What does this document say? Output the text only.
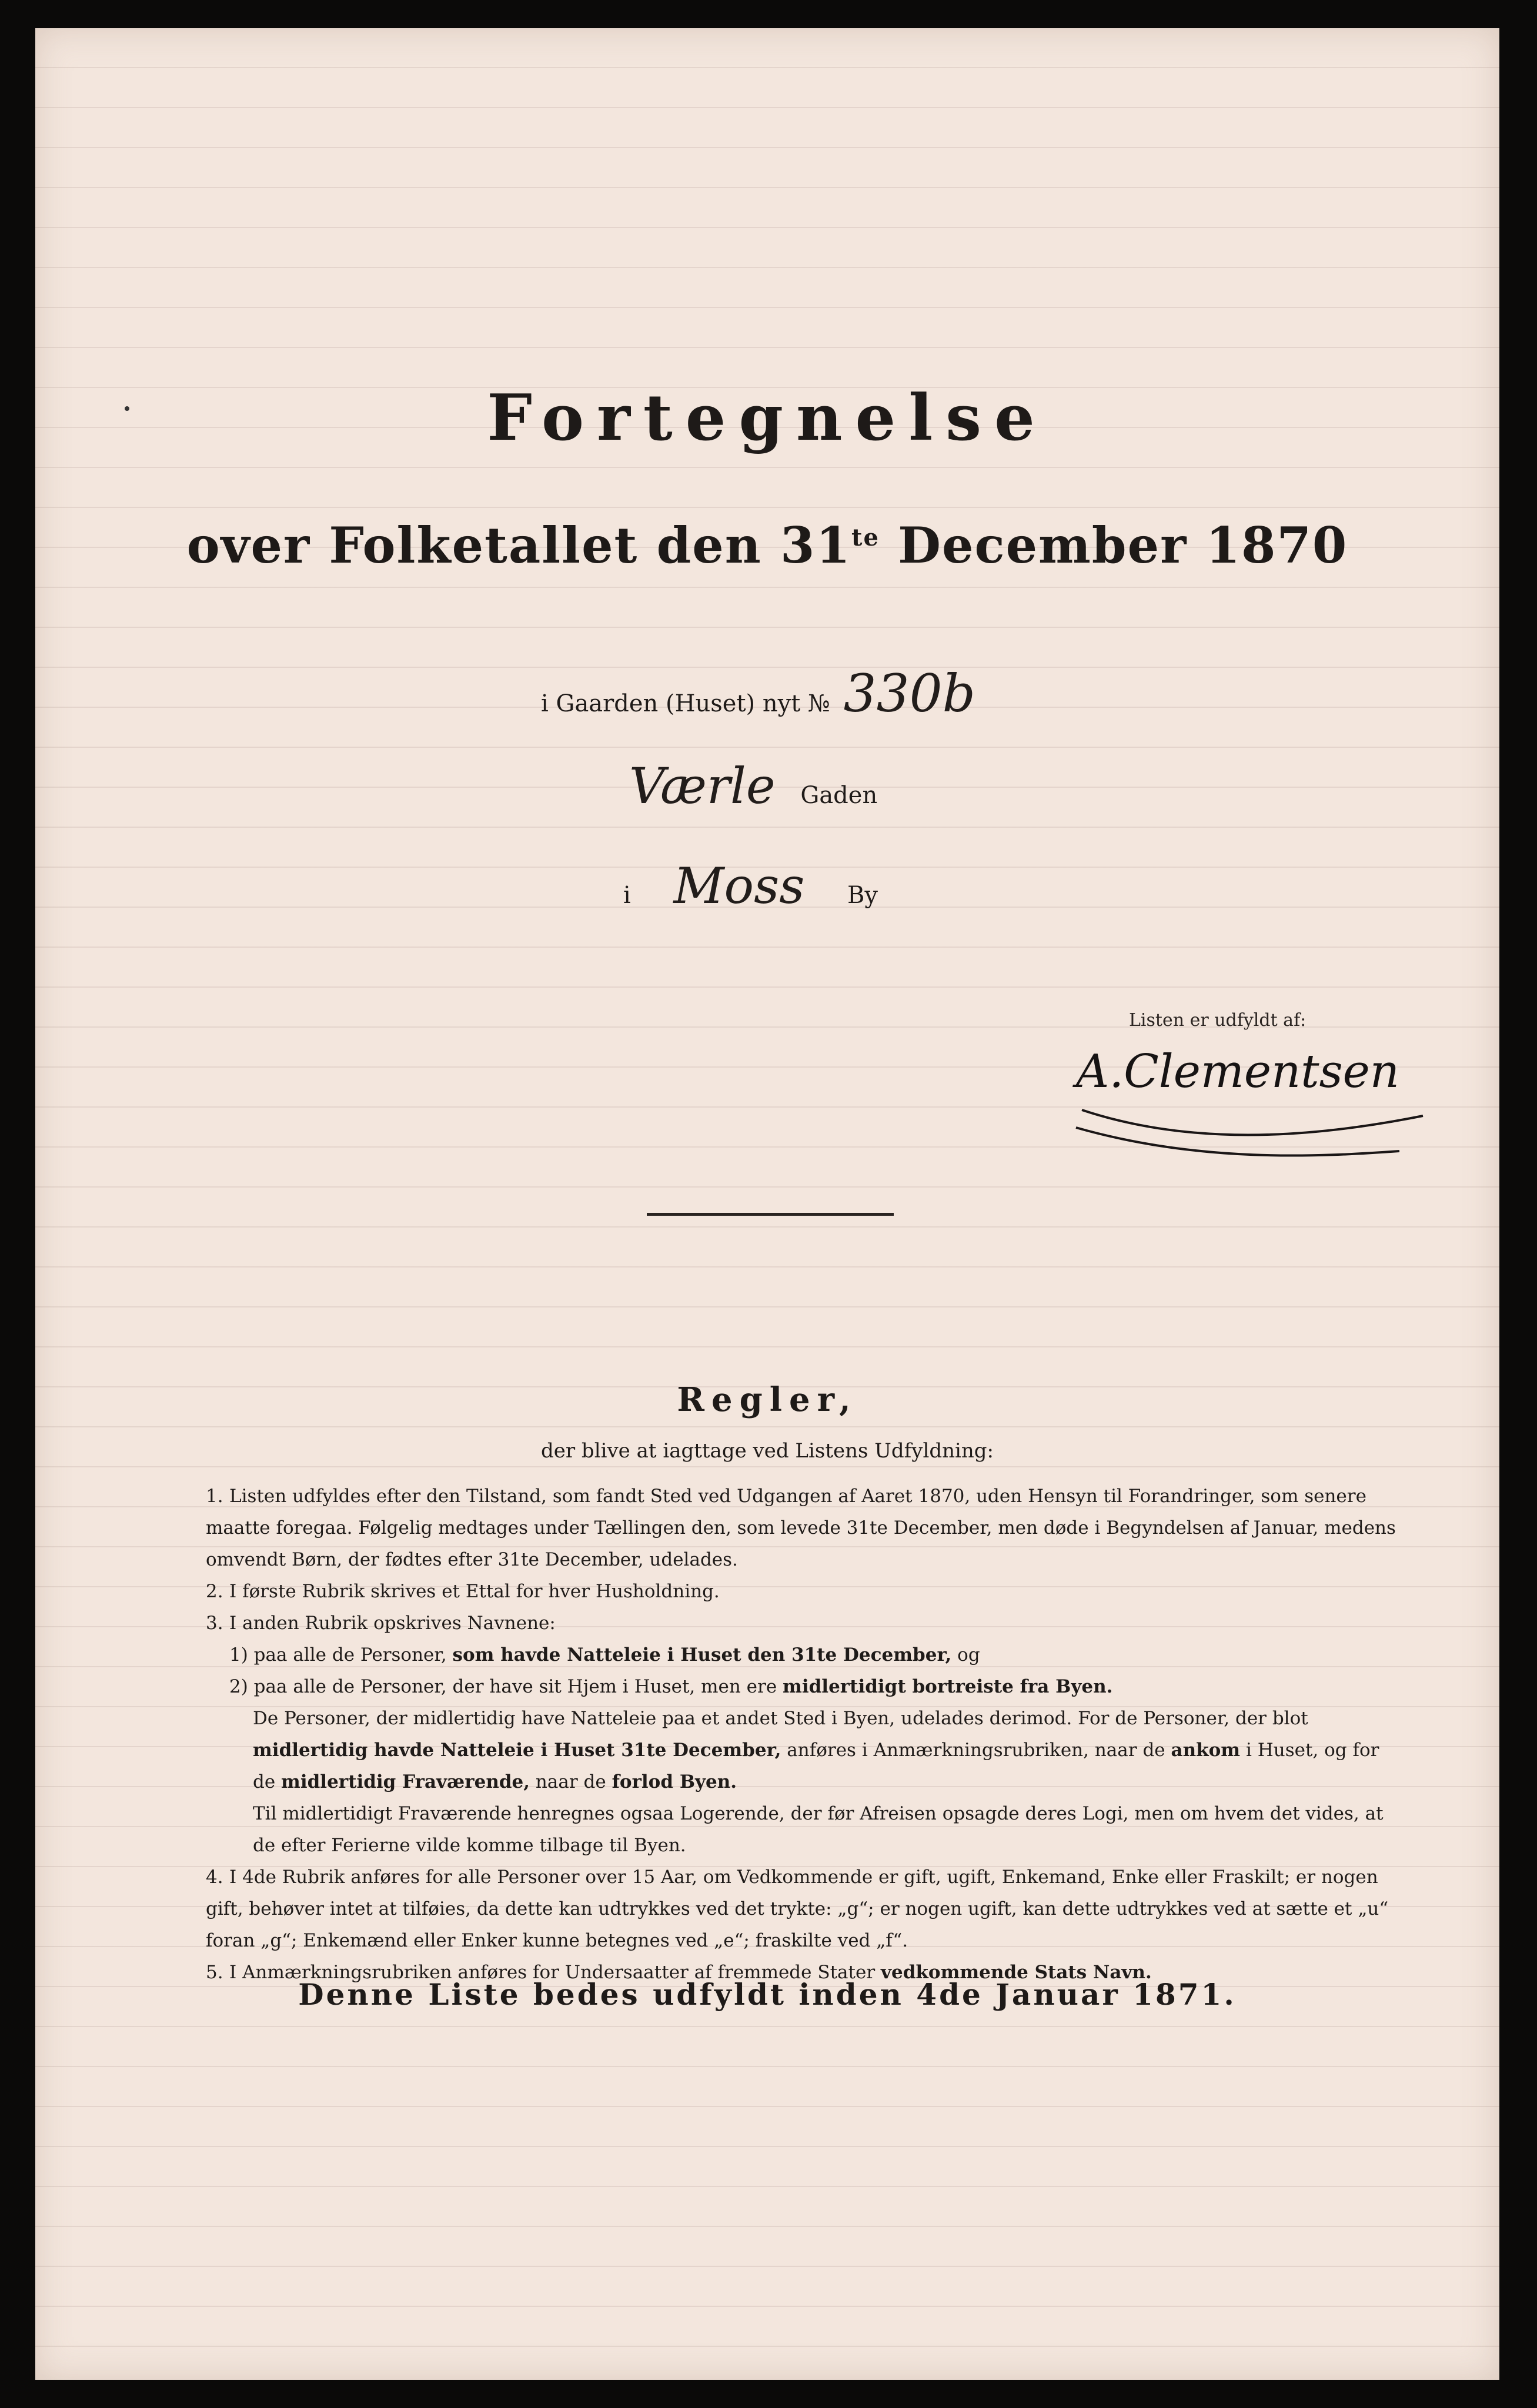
Fortegnelse
over Folketallet den $31^{te}$ December 1870
i Gaarden (Huset) nyt № 330b
Værle Gaden
i Moss By
Listen er udfyldt af:
A.Clementsen
Regler,
der blive at iagttage ved Listens Udfyldning:

1. Listen udfyldes efter den Tilstand, som fandt Sted ved Udgangen af Aaret 1870, uden Hensyn til Forandringer, som senere maatte foregaa. Følgelig medtages under Tællingen den, som levede 31te December, men døde i Begyndelsen af Januar, medens omvendt Børn, der fødtes efter 31te December, udelades.

2. I første Rubrik skrives et Ettal for hver Husholdning.

3. I anden Rubrik opskrives Navnene:

1) paa alle de Personer, som havde Natteleie i Huset den 31te December, og

2) paa alle de Personer, der have sit Hjem i Huset, men ere midlertidigt bortreiste fra Byen.

De Personer, der midlertidig have Natteleie paa et andet Sted i Byen, udelades derimod. For de Personer, der blot midlertidig havde Natteleie i Huset 31te December, anføres i Anmærkningsrubriken, naar de ankom i Huset, og for de midlertidig Fraværende, naar de forlod Byen.

Til midlertidigt Fraværende henregnes ogsaa Logerende, der før Afreisen opsagde deres Logi, men om hvem det vides, at de efter Ferierne vilde komme tilbage til Byen.

4. I 4de Rubrik anføres for alle Personer over 15 Aar, om Vedkommende er gift, ugift, Enkemand, Enke eller Fraskilt; er nogen gift, behøver intet at tilføies, da dette kan udtrykkes ved det trykte: „g“; er nogen ugift, kan dette udtrykkes ved at sætte et „u“ foran „g“; Enkemænd eller Enker kunne betegnes ved „e“; fraskilte ved „f“.

5. I Anmærkningsrubriken anføres for Undersaatter af fremmede Stater vedkommende Stats Navn.

Denne Liste bedes udfyldt inden 4de Januar 1871.
